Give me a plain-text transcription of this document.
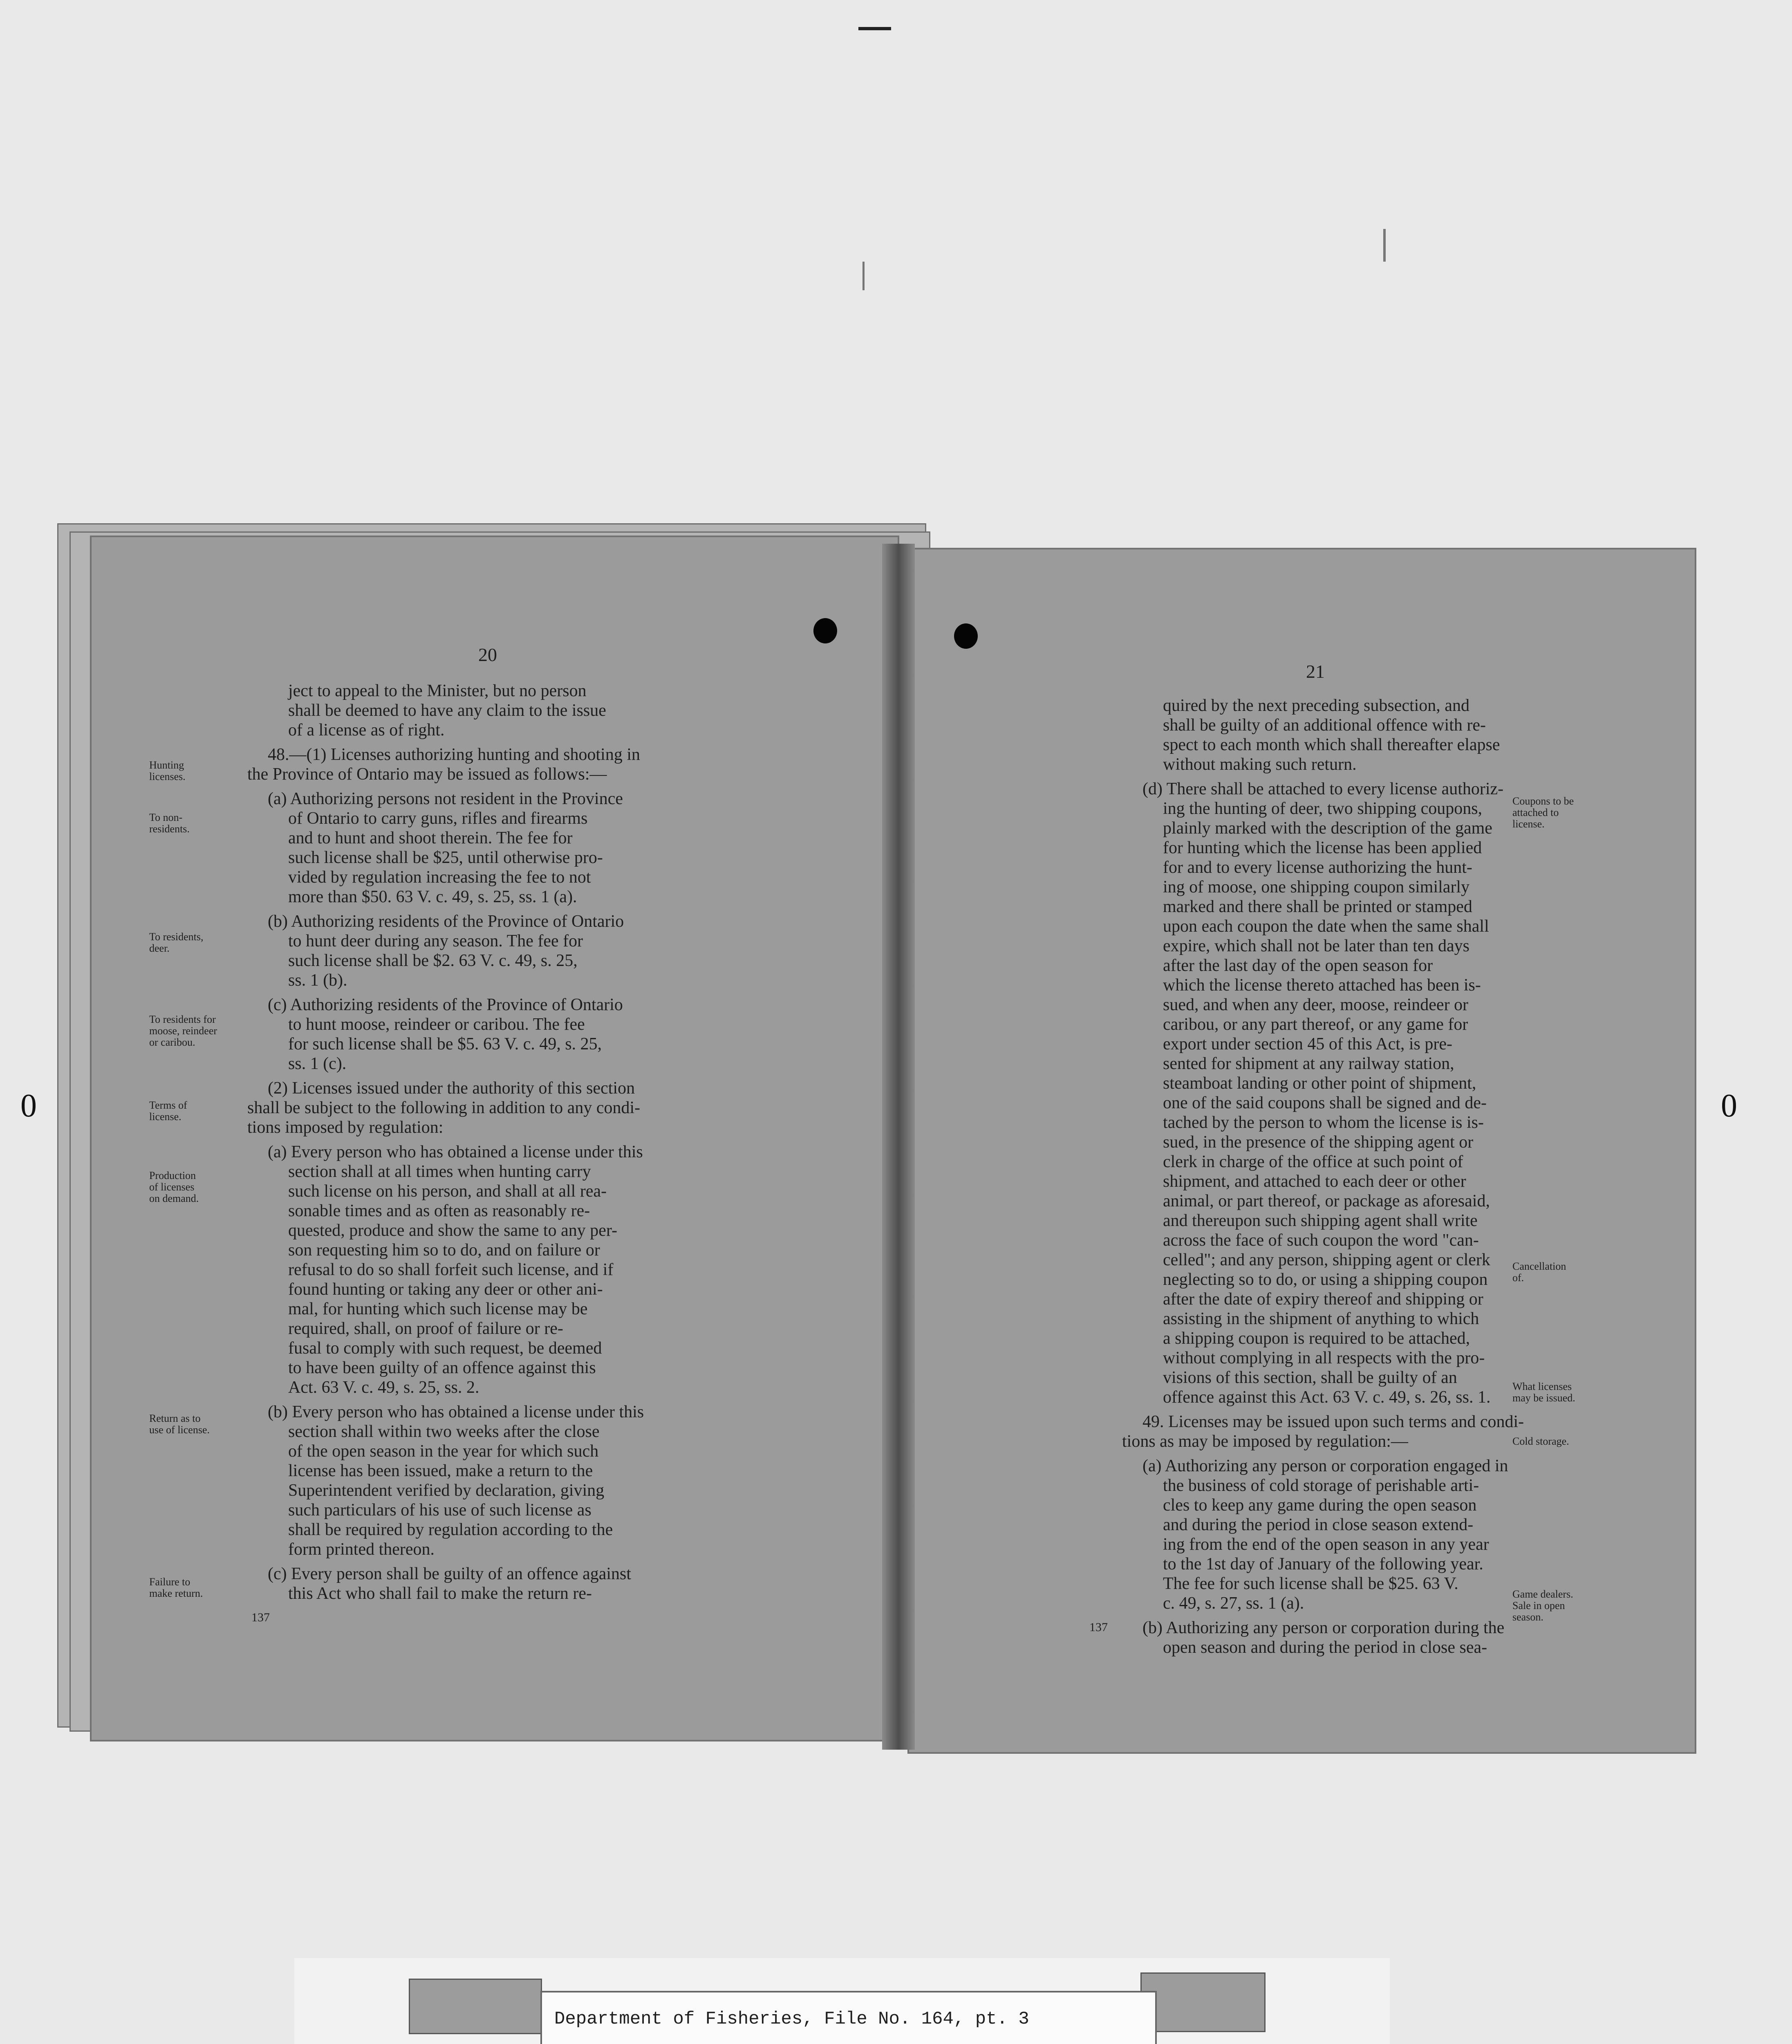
0	0
20
ject to appeal to the Minister, but no person
shall be deemed to have any claim to the issue
of a license as of right.
48.—(1) Licenses authorizing hunting and shooting in
the Province of Ontario may be issued as follows:—
(a) Authorizing persons not resident in the Province
of Ontario to carry guns, rifles and firearms
and to hunt and shoot therein. The fee for
such license shall be $25, until otherwise pro-
vided by regulation increasing the fee to not
more than $50. 63 V. c. 49, s. 25, ss. 1 (a).
(b) Authorizing residents of the Province of Ontario
to hunt deer during any season. The fee for
such license shall be $2. 63 V. c. 49, s. 25,
ss. 1 (b).
(c) Authorizing residents of the Province of Ontario
to hunt moose, reindeer or caribou. The fee
for such license shall be $5. 63 V. c. 49, s. 25,
ss. 1 (c).
(2) Licenses issued under the authority of this section
shall be subject to the following in addition to any condi-
tions imposed by regulation:
(a) Every person who has obtained a license under this
section shall at all times when hunting carry
such license on his person, and shall at all rea-
sonable times and as often as reasonably re-
quested, produce and show the same to any per-
son requesting him so to do, and on failure or
refusal to do so shall forfeit such license, and if
found hunting or taking any deer or other ani-
mal, for hunting which such license may be
required, shall, on proof of failure or re-
fusal to comply with such request, be deemed
to have been guilty of an offence against this
Act. 63 V. c. 49, s. 25, ss. 2.
(b) Every person who has obtained a license under this
section shall within two weeks after the close
of the open season in the year for which such
license has been issued, make a return to the
Superintendent verified by declaration, giving
such particulars of his use of such license as
shall be required by regulation according to the
form printed thereon.
(c) Every person shall be guilty of an offence against
this Act who shall fail to make the return re-
Hunting
licenses.
To non-
residents.
To residents,
deer.
To residents for
moose, reindeer
or caribou.
Terms of
license.
Production
of licenses
on demand.
Return as to
use of license.
Failure to
make return.
137
21
quired by the next preceding subsection, and
shall be guilty of an additional offence with re-
spect to each month which shall thereafter elapse
without making such return.
(d) There shall be attached to every license authoriz-
ing the hunting of deer, two shipping coupons,
plainly marked with the description of the game
for hunting which the license has been applied
for and to every license authorizing the hunt-
ing of moose, one shipping coupon similarly
marked and there shall be printed or stamped
upon each coupon the date when the same shall
expire, which shall not be later than ten days
after the last day of the open season for
which the license thereto attached has been is-
sued, and when any deer, moose, reindeer or
caribou, or any part thereof, or any game for
export under section 45 of this Act, is pre-
sented for shipment at any railway station,
steamboat landing or other point of shipment,
one of the said coupons shall be signed and de-
tached by the person to whom the license is is-
sued, in the presence of the shipping agent or
clerk in charge of the office at such point of
shipment, and attached to each deer or other
animal, or part thereof, or package as aforesaid,
and thereupon such shipping agent shall write
across the face of such coupon the word "can-
celled"; and any person, shipping agent or clerk
neglecting so to do, or using a shipping coupon
after the date of expiry thereof and shipping or
assisting in the shipment of anything to which
a shipping coupon is required to be attached,
without complying in all respects with the pro-
visions of this section, shall be guilty of an
offence against this Act. 63 V. c. 49, s. 26, ss. 1.
49. Licenses may be issued upon such terms and condi-
tions as may be imposed by regulation:—
(a) Authorizing any person or corporation engaged in
the business of cold storage of perishable arti-
cles to keep any game during the open season
and during the period in close season extend-
ing from the end of the open season in any year
to the 1st day of January of the following year.
The fee for such license shall be $25. 63 V.
c. 49, s. 27, ss. 1 (a).
(b) Authorizing any person or corporation during the
open season and during the period in close sea-
Coupons to be
attached to
license.
Cancellation
of.
What licenses
may be issued.
Cold storage.
Game dealers.
Sale in open
season.
137
Department of Fisheries, File No. 164, pt. 3
